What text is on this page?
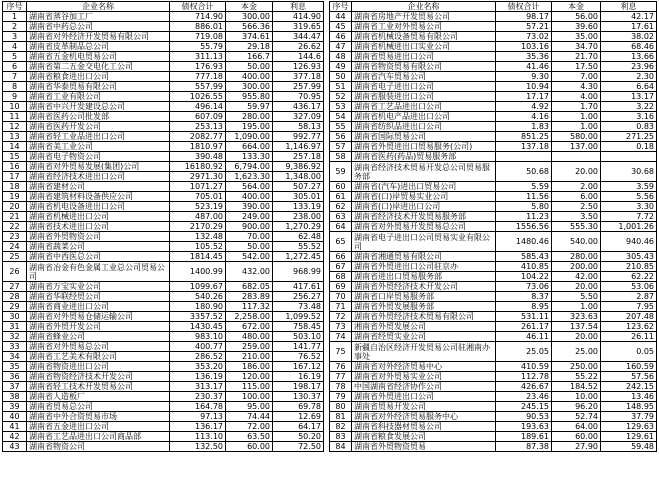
序号	企业名称	债权合计	本金	利息
1	湖南省蒸谷加工厂	714.90	300.00	414.90
2	湖南省中药总公司	886.01	566.36	319.65
3	湖南省对外经济开发贸易有限公司	719.08	374.61	344.47
4	湖南省皮革制品总公司	55.79	29.18	26.62
5	湖南省五金机电贸易公司	311.13	166.7	144.6
6	湖南省第二五金交电化工公司	176.93	50.00	126.93
7	湖南省粮食进出口公司	777.18	400.00	377.18
8	湖南省华泰贸易有限公司	557.99	300.00	257.99
9	湖南省工业有限公司	1026.55	955.80	70.95
10	湖南省中兴开发建设总公司	496.14	59.97	436.17
11	湖南省医药公司批发部	607.09	280.00	327.09
12	湖南省医药开发公司	253.13	195.00	58.13
13	湖南省轻工业品进出口公司	2082.77	1,090.00	992.77
14	湖南省美工业公司	1810.97	664.00	1,146.97
15	湖南省电子物资公司	390.48	133.30	257.18
16	湖南省对外贸易发展(集团)公司	16180.92	6,794.00	9,386.92
17	湖南省经济技术进出口公司	2971.30	1,623.30	1,348.00
18	湖南省建材公司	1071.27	564.00	507.27
19	湖南省建筑材料设备供应公司	705.01	400.00	305.01
20	湖南省机电设备进出口公司	523.19	390.00	133.19
21	湖南省机械进出口公司	487.00	249.00	238.00
22	湖南省技术进出口公司	2170.29	900.00	1,270.29
23	湖南省外贸物资公司	132.48	70.00	62.48
24	湖南省蔬菜公司	105.52	50.00	55.52
25	湖南省中西医总公司	1814.45	542.00	1,272.45
26	湖南省冶金有色金属工业总公司贸易公司	1400.99	432.00	968.99
27	湖南省万宝实业公司	1099.67	682.05	417.61
28	湖南省华联经贸公司	540.26	283.89	256.27
29	湖南省商业进出口公司	180.90	117.32	73.48
30	湖南省对外贸易仓储运输公司	3357.52	2,258.00	1,099.52
31	湖南省外贸开发公司	1430.45	672.00	758.45
32	湖南省蜂业公司	983.10	480.00	503.10
33	湖南省对外贸易总公司	400.77	259.00	141.77
34	湖南省工艺美术有限公司	286.52	210.00	76.52
35	湖南省物资进出口公司	353.20	186.00	167.12
36	湖南省物资经济技术开发公司	136.19	120.00	16.19
37	湖南省轻工技术开发贸易公司	313.17	115.00	198.17
38	湖南省人造板厂	230.37	100.00	130.37
39	湖南省贸易总公司	164.78	95.00	69.78
40	湖南省中外合资贸易市场	97.13	74.44	12.69
41	湖南省五金进出口公司	136.17	72.00	64.17
42	湖南省工艺品进出口公司商品部	113.10	63.50	50.20
43	湖南省物资公司	132.50	60.00	72.50
序号	企业名称	债权合计	本金	利息
44	湖南省房地产开发贸易公司	98.17	56.00	42.17
45	湖南省工业对外贸易公司	57.21	39.60	17.61
46	湖南省机械设备贸易有限公司	73.02	35.00	38.02
47	湖南省机械进出口实业公司	103.16	34.70	68.46
48	湖南省贸易进出口公司	35.36	21.70	13.66
49	湖南省物资贸易有限公司	41.46	17.50	23.96
50	湖南省汽车贸易公司	9.30	7.00	2.30
51	湖南省电子进出口公司	10.94	4.30	6.64
52	湖南省服装进出口公司	17.17	4.00	13.17
53	湖南省工艺品进出口公司	4.92	1.70	3.22
54	湖南省机电产品进出口公司	4.16	1.00	3.16
55	湖南省纺织品进出口公司	1.83	1.00	0.83
56	湖南省国际贸易公司	851.25	580.00	271.25
57	湖南省外贸进出口贸易服务(公司)	137.18	137.00	0.18
58	湖南省医药(药品)贸易服务部			
59	湖南省经济技术贸易开发总公司贸易服务部	50.68	20.00	30.68
60	湖南省(汽车)进出口贸易公司	5.59	2.00	3.59
61	湖南省(口)岸贸易实业公司	11.56	6.00	5.56
62	湖南省(口)岸进出口公司	5.80	2.50	3.30
63	湖南省经济技术开发贸易服务部	11.23	3.50	7.72
64	湖南省对外贸易开发贸易总公司	1556.56	555.30	1,001.26
65	湖南省电子进出口公司贸易实业有限公司	1480.46	540.00	940.46
66	湖南省湘通贸易有限公司	585.43	280.00	305.43
67	湖南省外贸进出口公司驻京办	410.85	200.00	210.85
68	湖南省进出口贸易服务部	104.22	42.00	62.22
69	湖南省外贸经济技术开发公司	73.06	20.00	53.06
70	湖南省口岸贸易服务部	8.37	5.50	2.87
71	湖南省外贸发展服务部	8.95	1.00	7.95
72	湖南省外贸经济技术贸易有限公司	531.11	323.63	207.48
73	湘南省外贸发展公司	261.17	137.54	123.62
74	湖南省经贸实业公司	46.11	20.00	26.11
75	新疆自治区经济开发贸易公司驻湘南办事处	25.05	25.00	0.05
76	湖南省对外经济贸易中心	410.59	250.00	160.59
77	湖南省对外贸易实业公司	112.78	55.22	57.56
78	中国湖南省经济协作公司	426.67	184.52	242.15
79	湖南省外贸进出口公司	23.46	10.00	13.46
80	湖南省贸易开发公司	245.15	96.20	148.95
81	湖南省对外经济贸易服务中心	90.53	52.74	37.79
82	湖南省科技器材贸易公司	193.63	64.00	129.63
83	湖南省粮食发展公司	189.61	60.00	129.61
84	湖南省外贸物资贸易	87.38	27.90	59.48
